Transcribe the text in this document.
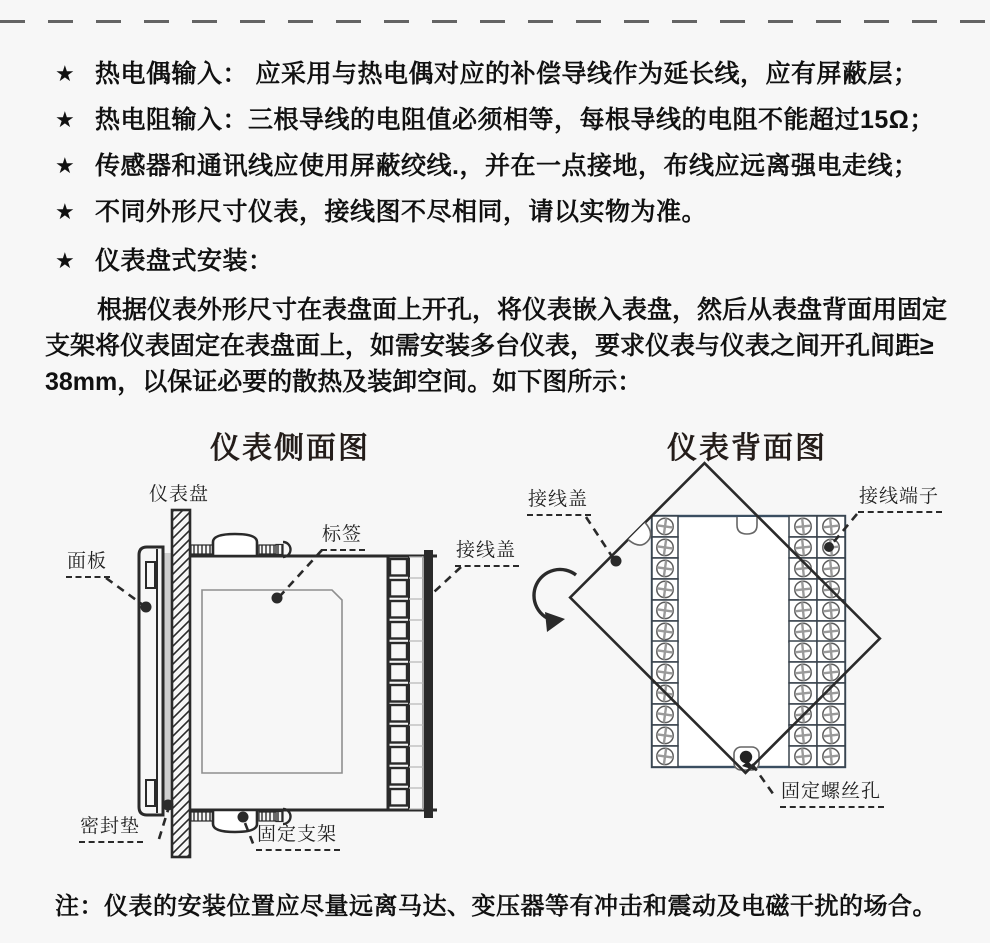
★ 热电偶输入： 应采用与热电偶对应的补偿导线作为延长线，应有屏蔽层；
★ 热电阻输入：三根导线的电阻值必须相等，每根导线的电阻不能超过15Ω；
★ 传感器和通讯线应使用屏蔽绞线.，并在一点接地，布线应远离强电走线；
★ 不同外形尺寸仪表，接线图不尽相同，请以实物为准。
★ 仪表盘式安装：
根据仪表外形尺寸在表盘面上开孔，将仪表嵌入表盘，然后从表盘背面用固定
支架将仪表固定在表盘面上，如需安装多台仪表，要求仪表与仪表之间开孔间距≥
38mm，以保证必要的散热及装卸空间。如下图所示：
仪表侧面图	仪表背面图
仪表盘
面板
标签
接线盖
密封垫	固定支架
接线盖	接线端子
固定螺丝孔
注：仪表的安装位置应尽量远离马达、变压器等有冲击和震动及电磁干扰的场合。
